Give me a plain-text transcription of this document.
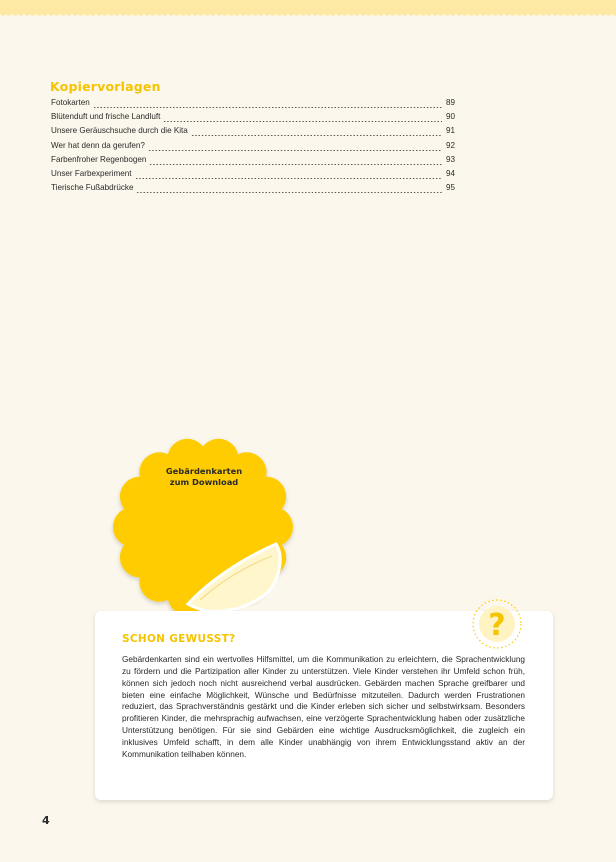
Kopiervorlagen
Fotokarten	89
Blütenduft und frische Landluft	90
Unsere Geräuschsuche durch die Kita	91
Wer hat denn da gerufen?	92
Farbenfroher Regenbogen	93
Unser Farbexperiment	94
Tierische Fußabdrücke	95
Gebärdenkarten
zum Download
?
SCHON GEWUSST?
Gebärdenkarten sind ein wertvolles Hilfsmittel, um die Kommunikation zu erleichtern, die Sprachentwicklung zu fördern und die Partizipation aller Kinder zu unterstützen. Viele Kinder verstehen ihr Umfeld schon früh, können sich jedoch noch nicht ausreichend verbal ausdrücken. Gebärden machen Sprache greifbarer und bieten eine einfache Möglichkeit, Wünsche und Bedürfnisse mitzuteilen. Dadurch werden Frustrationen reduziert, das Sprachverständnis gestärkt und die Kinder erleben sich sicher und selbstwirksam. Besonders profitieren Kinder, die mehrsprachig aufwachsen, eine verzögerte Sprachentwicklung haben oder zusätzliche Unterstützung benötigen. Für sie sind Gebärden eine wichtige Ausdrucksmöglichkeit, die zugleich ein inklusives Umfeld schafft, in dem alle Kinder unabhängig von ihrem Entwicklungsstand aktiv an der Kommunikation teilhaben können.
4
